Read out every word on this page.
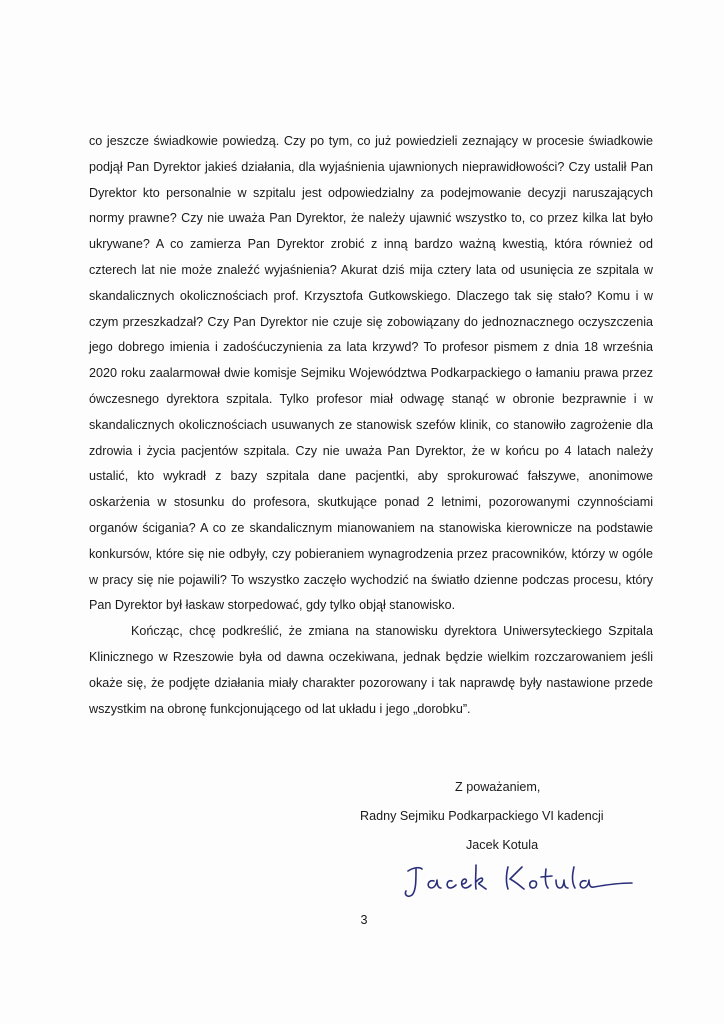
co jeszcze świadkowie powiedzą. Czy po tym, co już powiedzieli zeznający w procesie świadkowie podjął Pan Dyrektor jakieś działania, dla wyjaśnienia ujawnionych nieprawidłowości? Czy ustalił Pan Dyrektor kto personalnie w szpitalu jest odpowiedzialny za podejmowanie decyzji naruszających normy prawne? Czy nie uważa Pan Dyrektor, że należy ujawnić wszystko to, co przez kilka lat było ukrywane? A co zamierza Pan Dyrektor zrobić z inną bardzo ważną kwestią, która również od czterech lat nie może znaleźć wyjaśnienia? Akurat dziś mija cztery lata od usunięcia ze szpitala w skandalicznych okolicznościach prof. Krzysztofa Gutkowskiego. Dlaczego tak się stało? Komu i w czym przeszkadzał? Czy Pan Dyrektor nie czuje się zobowiązany do jednoznacznego oczyszczenia jego dobrego imienia i zadośćuczynienia za lata krzywd? To profesor pismem z dnia 18 września 2020 roku zaalarmował dwie komisje Sejmiku Województwa Podkarpackiego o łamaniu prawa przez ówczesnego dyrektora szpitala. Tylko profesor miał odwagę stanąć w obronie bezprawnie i w skandalicznych okolicznościach usuwanych ze stanowisk szefów klinik, co stanowiło zagrożenie dla zdrowia i życia pacjentów szpitala. Czy nie uważa Pan Dyrektor, że w końcu po 4 latach należy ustalić, kto wykradł z bazy szpitala dane pacjentki, aby sprokurować fałszywe, anonimowe oskarżenia w stosunku do profesora, skutkujące ponad 2 letnimi, pozorowanymi czynnościami organów ścigania? A co ze skandalicznym mianowaniem na stanowiska kierownicze na podstawie konkursów, które się nie odbyły, czy pobieraniem wynagrodzenia przez pracowników, którzy w ogóle w pracy się nie pojawili? To wszystko zaczęło wychodzić na światło dzienne podczas procesu, który Pan Dyrektor był łaskaw storpedować, gdy tylko objął stanowisko.

Kończąc, chcę podkreślić, że zmiana na stanowisku dyrektora Uniwersyteckiego Szpitala Klinicznego w Rzeszowie była od dawna oczekiwana, jednak będzie wielkim rozczarowaniem jeśli okaże się, że podjęte działania miały charakter pozorowany i tak naprawdę były nastawione przede wszystkim na obronę funkcjonującego od lat układu i jego „dorobku”.

Z poważaniem,
Radny Sejmiku Podkarpackiego VI kadencji
Jacek Kotula
3
